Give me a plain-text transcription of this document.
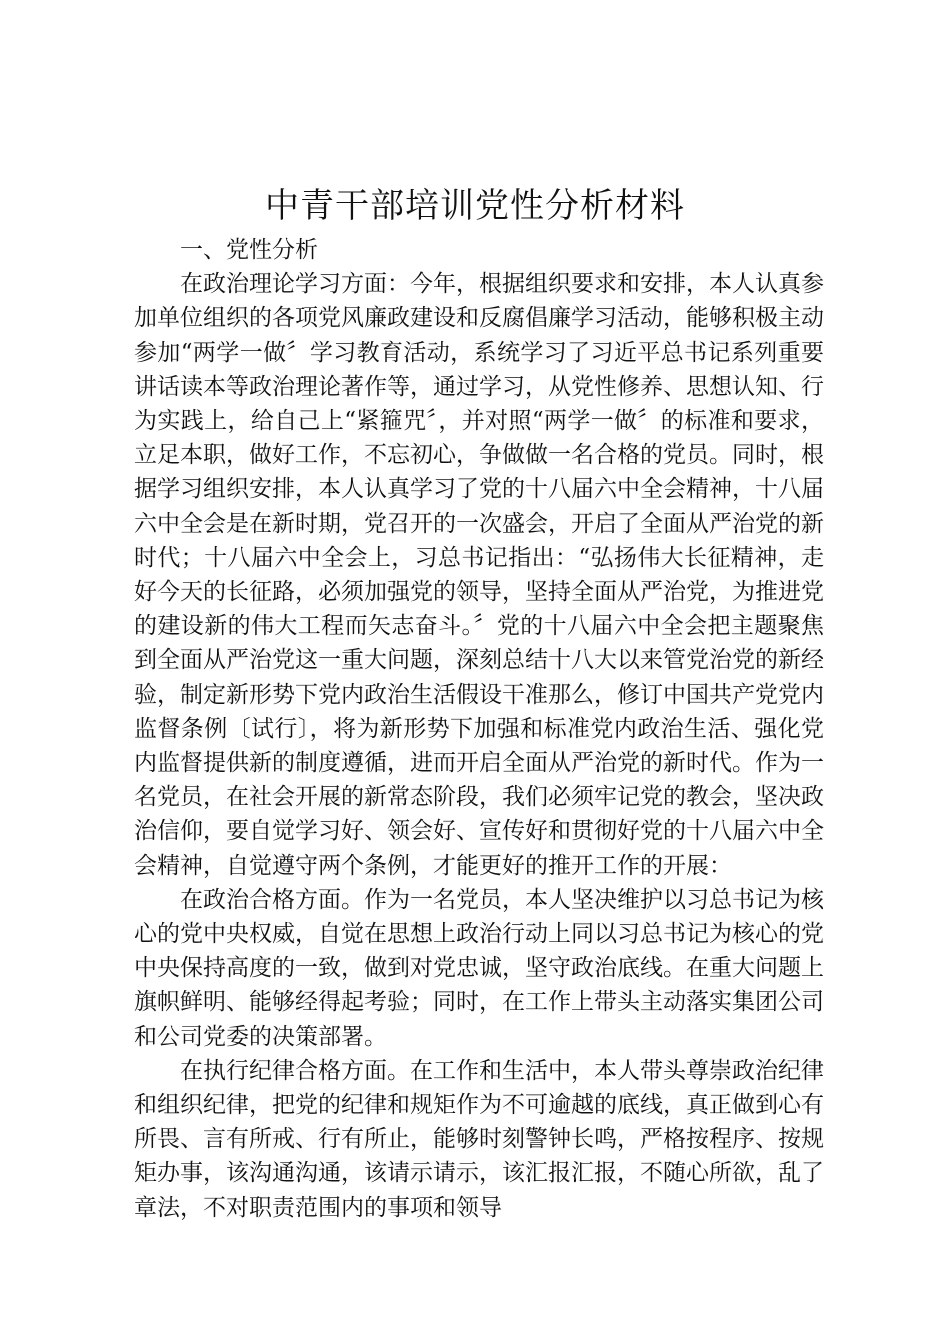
中青干部培训党性分析材料

一、党性分析

在政治理论学习方面：今年，根据组织要求和安排，本人认真参加单位组织的各项党风廉政建设和反腐倡廉学习活动，能够积极主动参加“两学一做〞学习教育活动，系统学习了习近平总书记系列重要讲话读本等政治理论著作等，通过学习，从党性修养、思想认知、行为实践上，给自己上“紧箍咒〞，并对照“两学一做〞的标准和要求，立足本职，做好工作，不忘初心，争做做一名合格的党员。同时，根据学习组织安排，本人认真学习了党的十八届六中全会精神，十八届六中全会是在新时期，党召开的一次盛会，开启了全面从严治党的新时代；十八届六中全会上，习总书记指出：“弘扬伟大长征精神，走好今天的长征路，必须加强党的领导，坚持全面从严治党，为推进党的建设新的伟大工程而矢志奋斗。〞党的十八届六中全会把主题聚焦到全面从严治党这一重大问题，深刻总结十八大以来管党治党的新经验，制定新形势下党内政治生活假设干准那么，修订中国共产党党内监督条例〔试行〕，将为新形势下加强和标准党内政治生活、强化党内监督提供新的制度遵循，进而开启全面从严治党的新时代。作为一名党员，在社会开展的新常态阶段，我们必须牢记党的教会，坚决政治信仰，要自觉学习好、领会好、宣传好和贯彻好党的十八届六中全会精神，自觉遵守两个条例，才能更好的推开工作的开展：

在政治合格方面。作为一名党员，本人坚决维护以习总书记为核心的党中央权威，自觉在思想上政治行动上同以习总书记为核心的党中央保持高度的一致，做到对党忠诚，坚守政治底线。在重大问题上旗帜鲜明、能够经得起考验；同时，在工作上带头主动落实集团公司和公司党委的决策部署。

在执行纪律合格方面。在工作和生活中，本人带头尊崇政治纪律和组织纪律，把党的纪律和规矩作为不可逾越的底线，真正做到心有所畏、言有所戒、行有所止，能够时刻警钟长鸣，严格按程序、按规矩办事，该沟通沟通，该请示请示，该汇报汇报，不随心所欲，乱了章法，不对职责范围内的事项和领导
